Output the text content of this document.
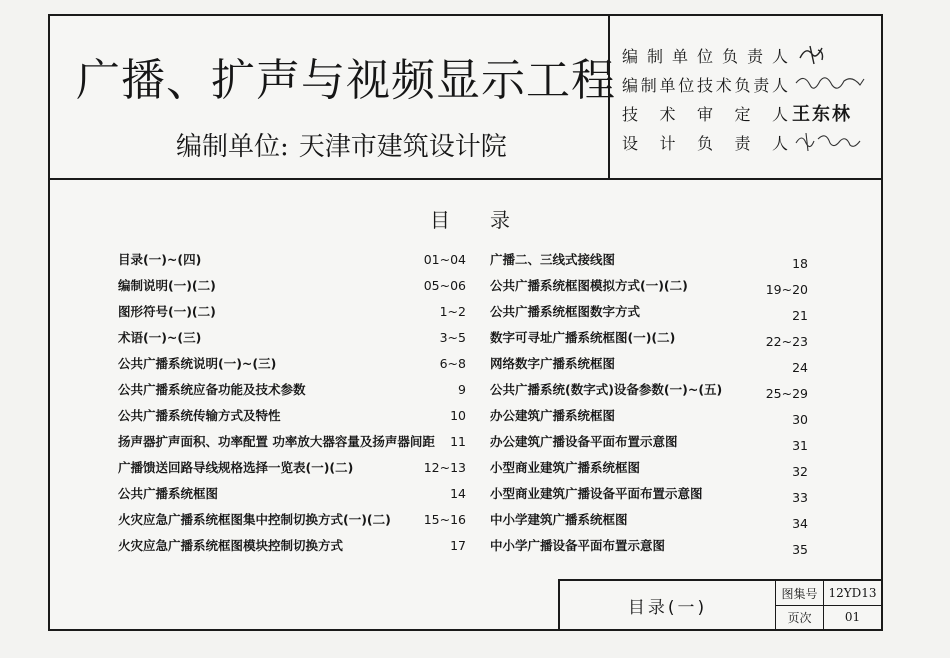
广播、扩声与视频显示工程
编制单位: 天津市建筑设计院
编制单位负责人
编制单位技术负责人
技术审定人 王东林
设计负责人
目录
目录(一)~(四)	01~04
编制说明(一)(二)	05~06
图形符号(一)(二)	1~2
术语(一)~(三)	3~5
公共广播系统说明(一)~(三)	6~8
公共广播系统应备功能及技术参数	9
公共广播系统传输方式及特性	10
扬声器扩声面积、功率配置 功率放大器容量及扬声器间距 11
广播馈送回路导线规格选择一览表(一)(二)	12~13
公共广播系统框图	14
火灾应急广播系统框图集中控制切换方式(一)(二)	15~16
火灾应急广播系统框图模块控制切换方式	17
广播二、三线式接线图	18
公共广播系统框图模拟方式(一)(二)	19~20
公共广播系统框图数字方式	21
数字可寻址广播系统框图(一)(二)	22~23
网络数字广播系统框图	24
公共广播系统(数字式)设备参数(一)~(五)	25~29
办公建筑广播系统框图	30
办公建筑广播设备平面布置示意图	31
小型商业建筑广播系统框图	32
小型商业建筑广播设备平面布置示意图	33
中小学建筑广播系统框图	34
中小学广播设备平面布置示意图	35
目录(一)
图集号 12YD13
页次	01
